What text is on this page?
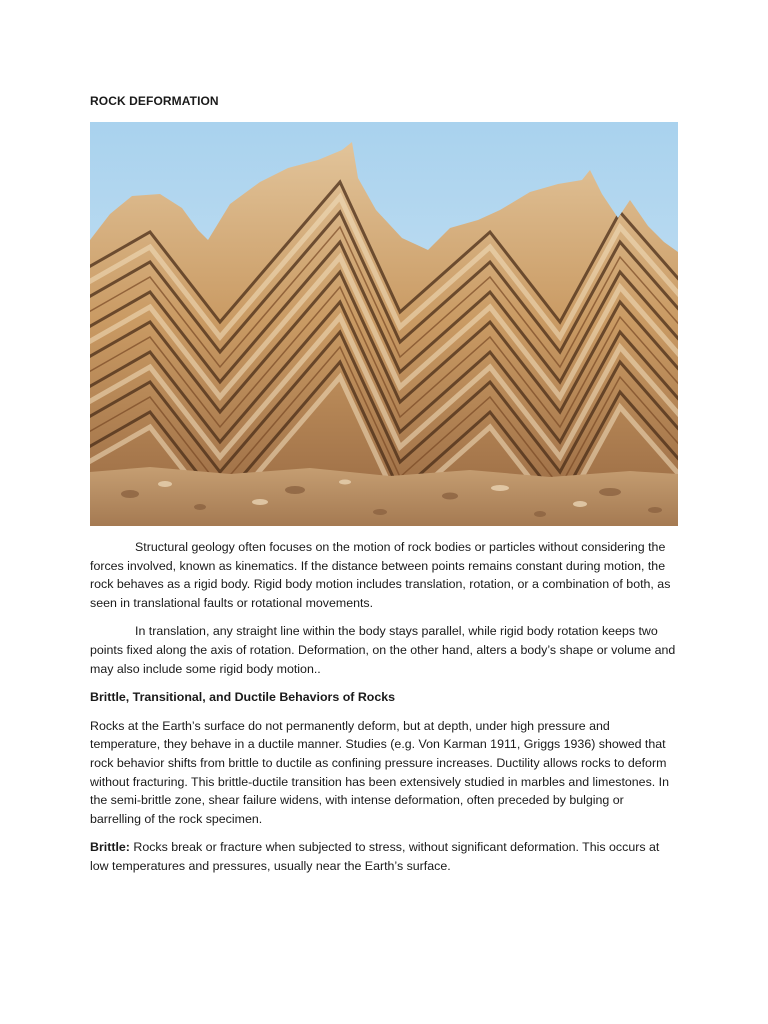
ROCK DEFORMATION

Structural geology often focuses on the motion of rock bodies or particles without considering the forces involved, known as kinematics. If the distance between points remains constant during motion, the rock behaves as a rigid body. Rigid body motion includes translation, rotation, or a combination of both, as seen in translational faults or rotational movements.

In translation, any straight line within the body stays parallel, while rigid body rotation keeps two points fixed along the axis of rotation. Deformation, on the other hand, alters a body’s shape or volume and may also include some rigid body motion..

Brittle, Transitional, and Ductile Behaviors of Rocks

Rocks at the Earth’s surface do not permanently deform, but at depth, under high pressure and temperature, they behave in a ductile manner. Studies (e.g. Von Karman 1911, Griggs 1936) showed that rock behavior shifts from brittle to ductile as confining pressure increases. Ductility allows rocks to deform without fracturing. This brittle-ductile transition has been extensively studied in marbles and limestones. In the semi-brittle zone, shear failure widens, with intense deformation, often preceded by bulging or barrelling of the rock specimen.

Brittle: Rocks break or fracture when subjected to stress, without significant deformation. This occurs at low temperatures and pressures, usually near the Earth’s surface.
